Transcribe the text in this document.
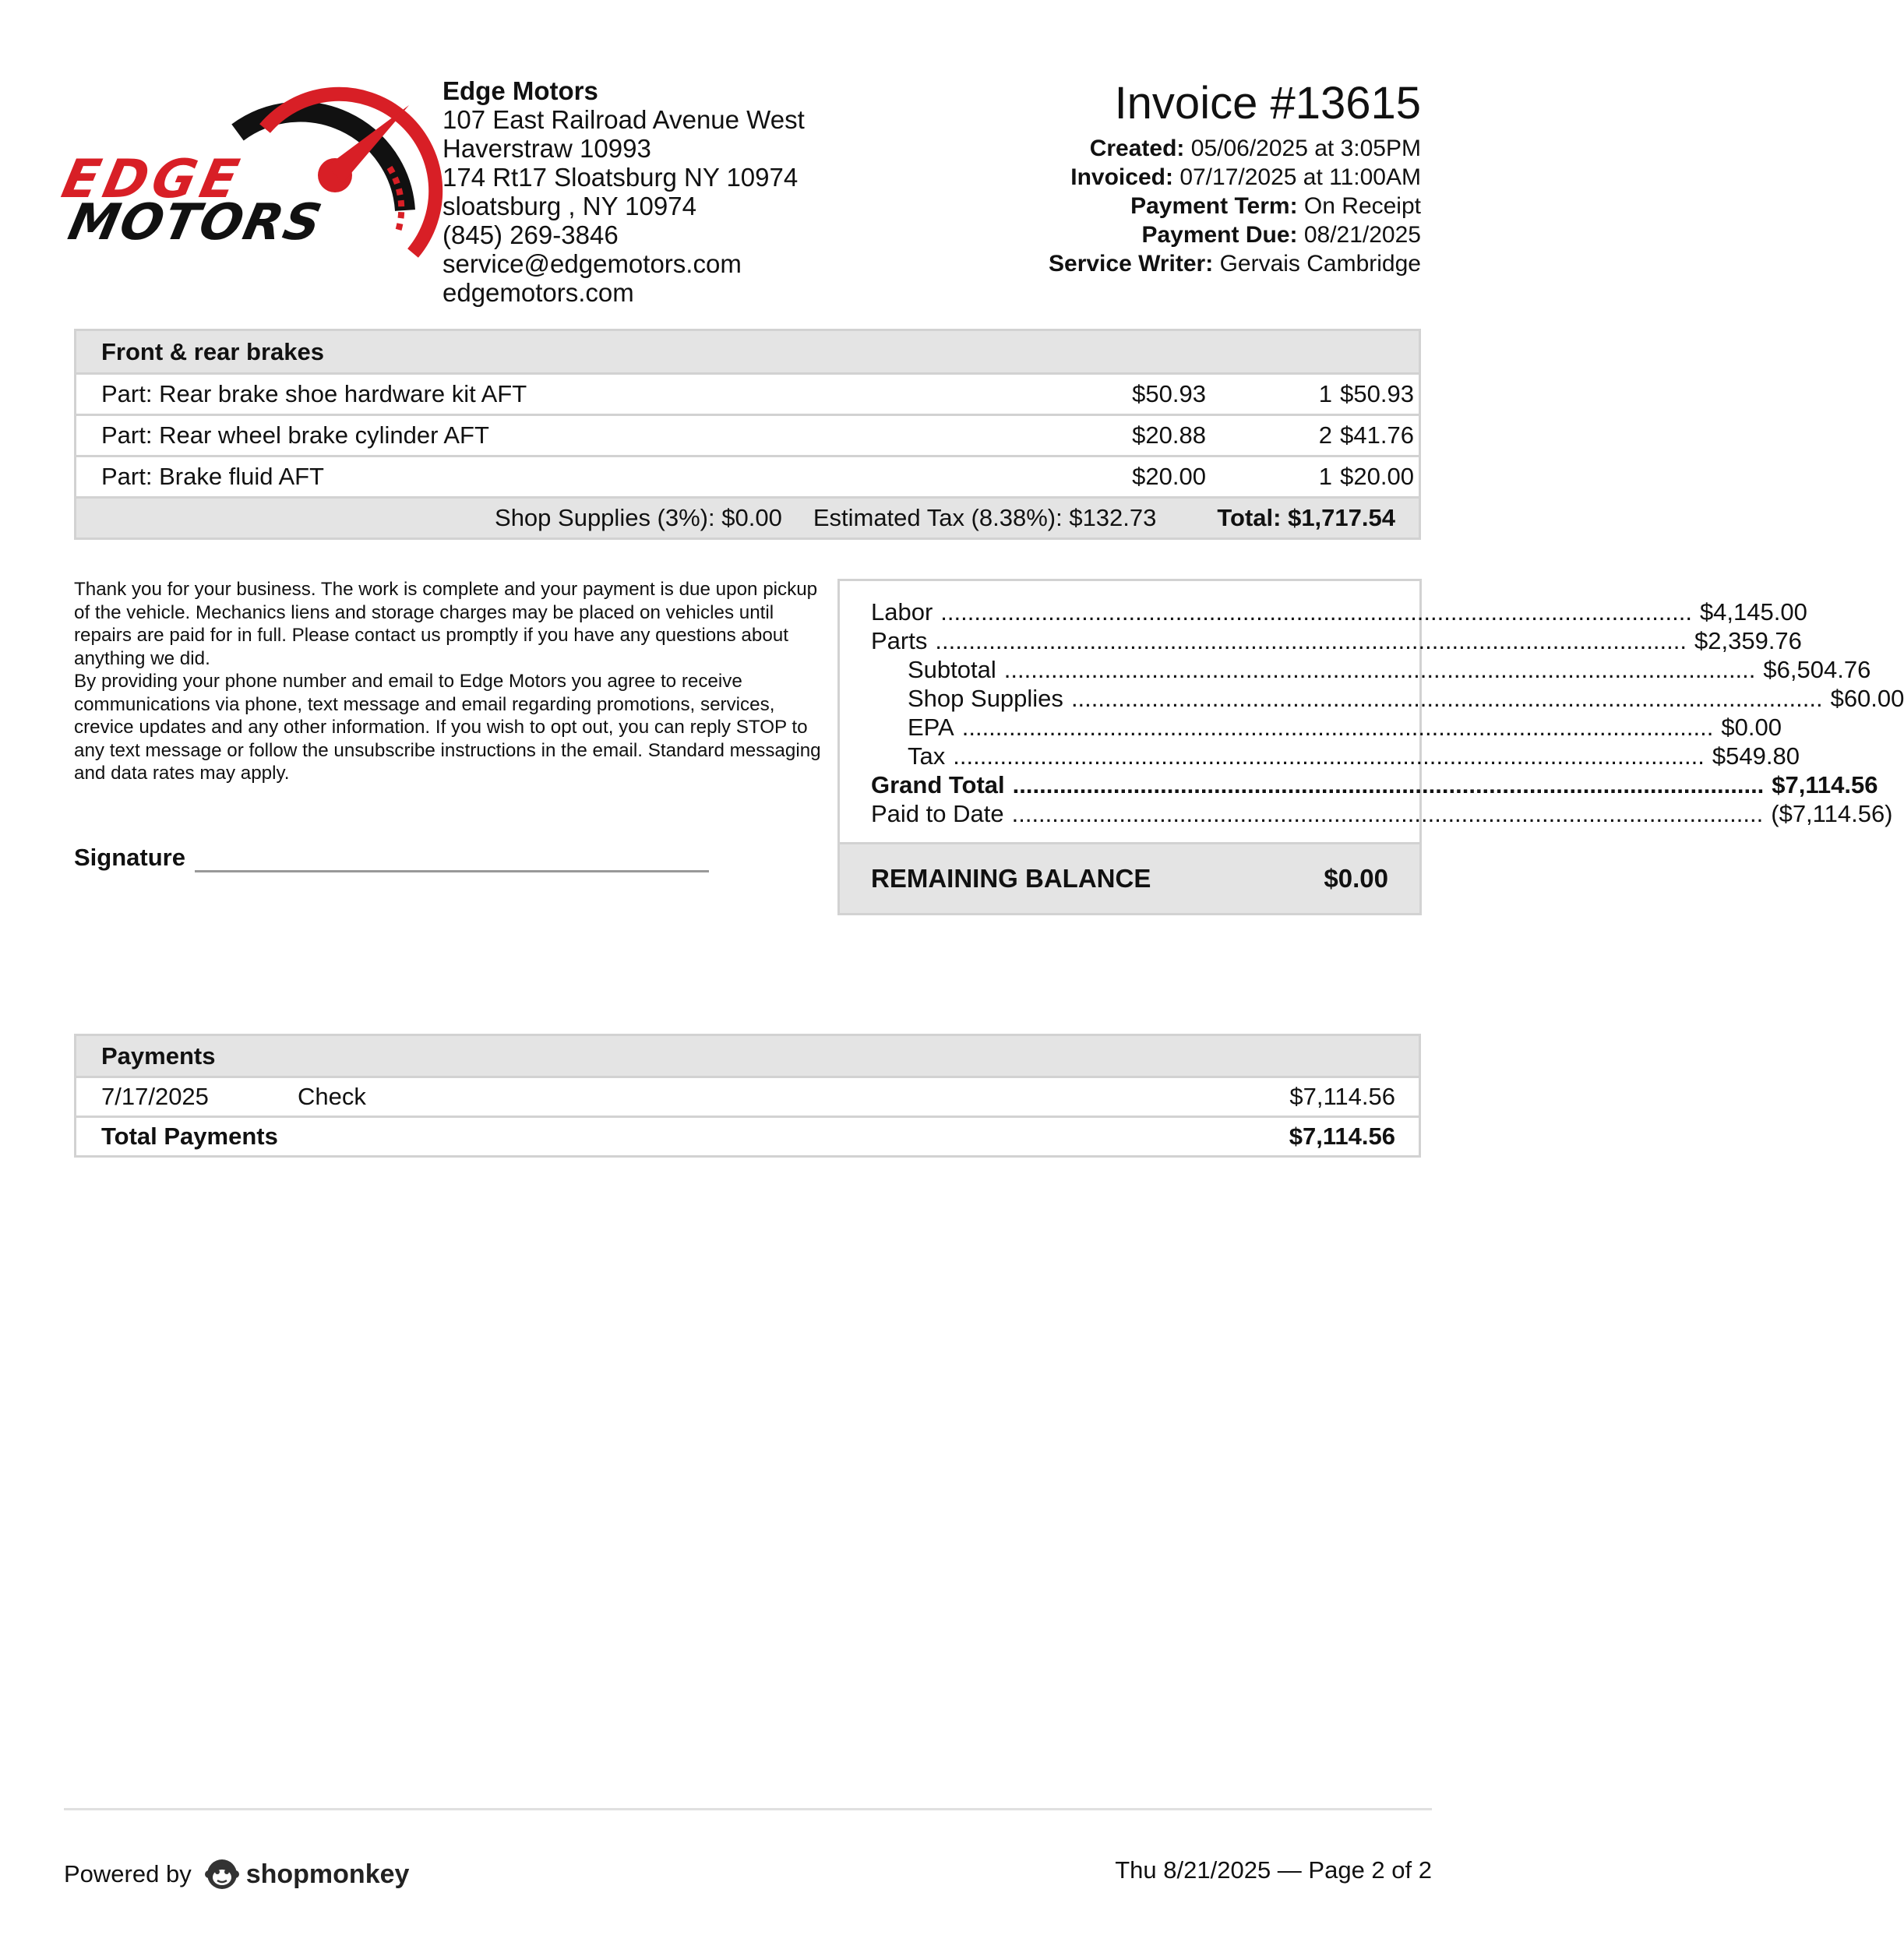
EDGE
MOTORS
Edge Motors
107 East Railroad Avenue West
Haverstraw 10993
174 Rt17 Sloatsburg NY 10974
sloatsburg , NY 10974
(845) 269-3846
service@edgemotors.com
edgemotors.com
Invoice #13615
Created: 05/06/2025 at 3:05PM
Invoiced: 07/17/2025 at 11:00AM
Payment Term: On Receipt
Payment Due: 08/21/2025
Service Writer: Gervais Cambridge
Front & rear brakes
Part: Rear brake shoe hardware kit AFT	$50.93	1 $50.93
Part: Rear wheel brake cylinder AFT	$20.88	2 $41.76
Part: Brake fluid AFT	$20.00	1 $20.00
Shop Supplies (3%): $0.00 Estimated Tax (8.38%): $132.73	Total: $1,717.54
Thank you for your business. The work is complete and your payment is due upon pickup of the vehicle. Mechanics liens and storage charges may be placed on vehicles until repairs are paid for in full. Please contact us promptly if you have any questions about anything we did.
By providing your phone number and email to Edge Motors you agree to receive communications via phone, text message and email regarding promotions, services, crevice updates and any other information. If you wish to opt out, you can reply STOP to any text message or follow the unsubscribe instructions in the email. Standard messaging and data rates may apply.
Signature
Labor ................................................................................................................ $4,145.00
Parts ................................................................................................................ $2,359.76
Subtotal ................................................................................................................ $6,504.76
Shop Supplies ................................................................................................................ $60.00
EPA ................................................................................................................ $0.00
Tax ................................................................................................................ $549.80
Grand Total ................................................................................................................ $7,114.56
Paid to Date ................................................................................................................ ($7,114.56)
REMAINING BALANCE	$0.00
Payments
7/17/2025	Check	$7,114.56
Total Payments	$7,114.56
Powered by shopmonkey	Thu 8/21/2025 — Page 2 of 2
